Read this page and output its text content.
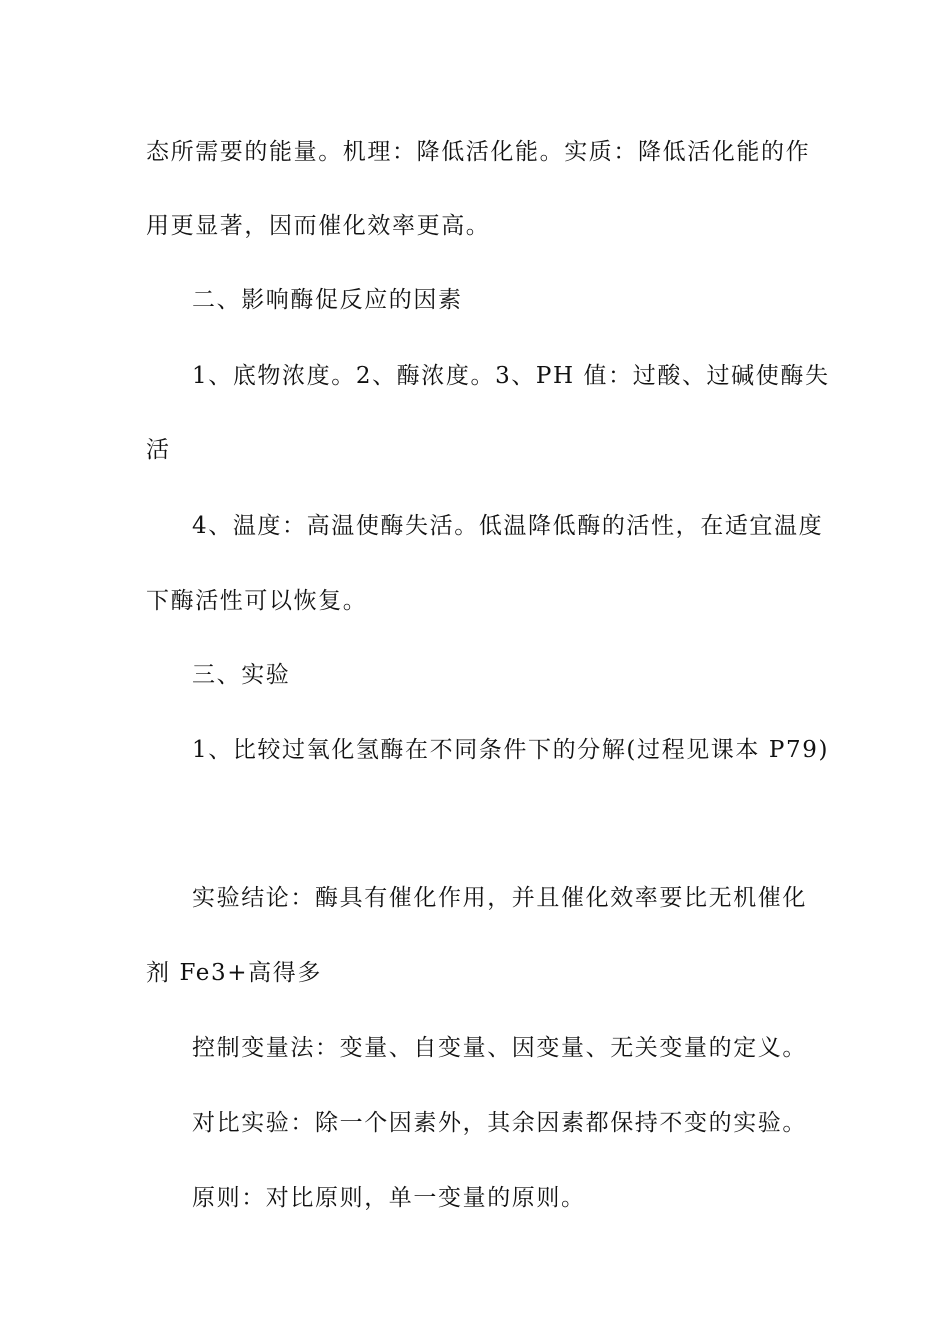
态所需要的能量。机理：降低活化能。实质：降低活化能的作
用更显著，因而催化效率更高。
二、影响酶促反应的因素
1、底物浓度。2、酶浓度。3、PH 值：过酸、过碱使酶失
活
4、温度：高温使酶失活。低温降低酶的活性，在适宜温度
下酶活性可以恢复。
三、实验
1、比较过氧化氢酶在不同条件下的分解(过程见课本 P79)
实验结论：酶具有催化作用，并且催化效率要比无机催化
剂 Fe3+高得多
控制变量法：变量、自变量、因变量、无关变量的定义。
对比实验：除一个因素外，其余因素都保持不变的实验。
原则：对比原则，单一变量的原则。
